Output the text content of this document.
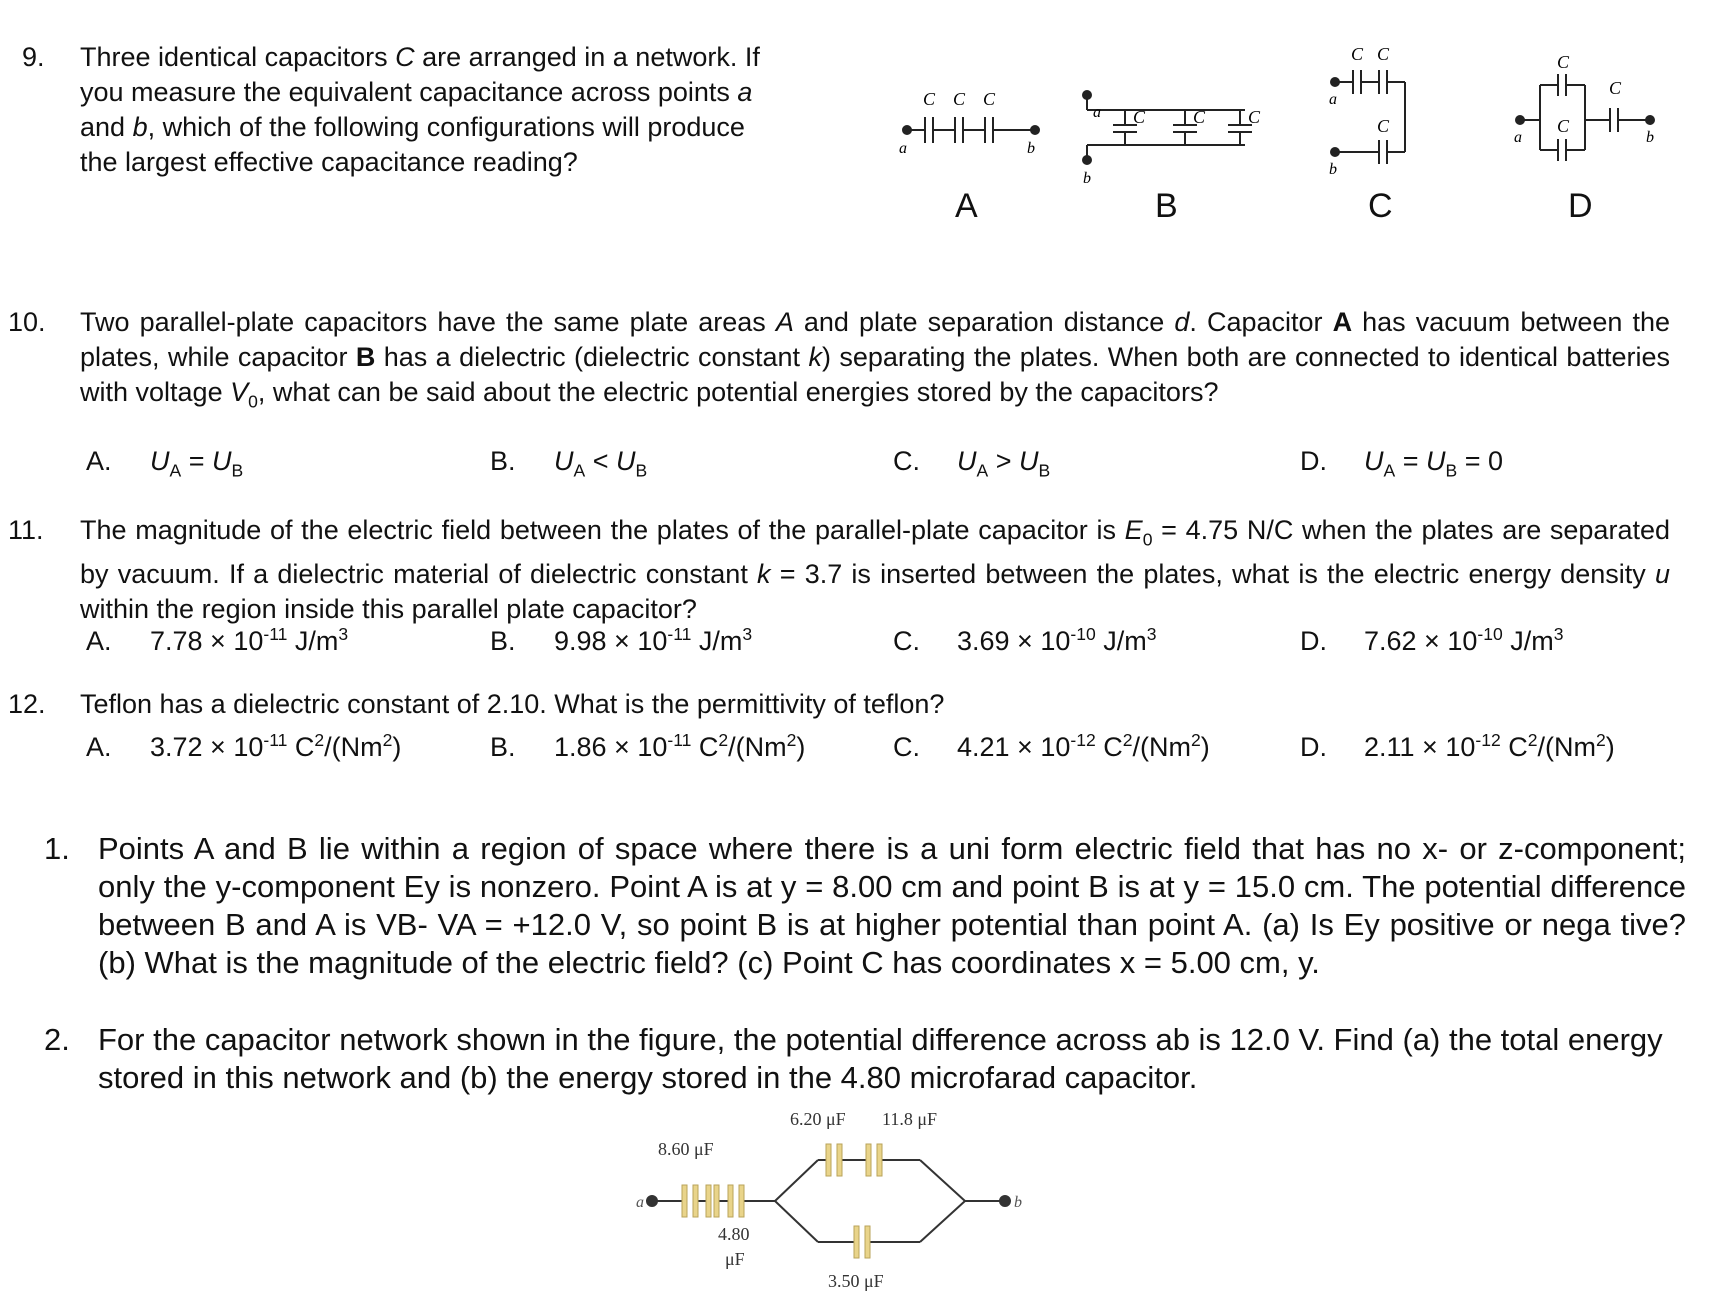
9. Three identical capacitors C are arranged in a network. If you measure the equivalent capacitance across points a and b, which of the following configurations will produce the largest effective capacitance reading?
C C C
a	b
A
C	C C
a
b
B
C C
C
a
b
C
C
C
C
a	b
D
10. Two parallel-plate capacitors have the same plate areas A and plate separation distance d. Capacitor A has vacuum between the plates, while capacitor B has a dielectric (dielectric constant k) separating the plates. When both are connected to identical batteries with voltage $V_0$, what can be said about the electric potential energies stored by the capacitors?
A. $U_A = U_B$	B. $U_A < U_B$	C. $U_A > U_B$	D. $U_A = U_B = 0$
11. The magnitude of the electric field between the plates of the parallel-plate capacitor is $E_0 = 4.75$ N/C when the plates are separated by vacuum. If a dielectric material of dielectric constant k = 3.7 is inserted between the plates, what is the electric energy density u within the region inside this parallel plate capacitor?
A. $7.78 \times 10^{-11}$ $J/m^3$	B. $9.98 \times 10^{-11}$ $J/m^3$	C. $3.69 \times 10^{-10}$ $J/m^3$	D. $7.62 \times 10^{-10}$ $J/m^3$
12. Teflon has a dielectric constant of 2.10. What is the permittivity of teflon?
A. $3.72 \times 10^{-11}$ $C^2/(Nm^2)$	B. $1.86 \times 10^{-11}$ $C^2/(Nm^2)$	C. $4.21 \times 10^{-12}$ $C^2/(Nm^2)$	D. $2.11 \times 10^{-12}$ $C^2/(Nm^2)$
1. Points A and B lie within a region of space where there is a uni form electric field that has no x- or z-component; only the y-component Ey is nonzero. Point A is at y = 8.00 cm and point B is at y = 15.0 cm. The potential difference between B and A is VB- VA = +12.0 V, so point B is at higher potential than point A. (a) Is Ey positive or nega tive? (b) What is the magnitude of the electric field? (c) Point C has coordinates x = 5.00 cm, y.
2. For the capacitor network shown in the figure, the potential difference across ab is 12.0 V. Find (a) the total energy stored in this network and (b) the energy stored in the 4.80 microfarad capacitor.
8.60 μF
4.80
μF
6.20 μF 11.8 μF
3.50 μF
a	b
